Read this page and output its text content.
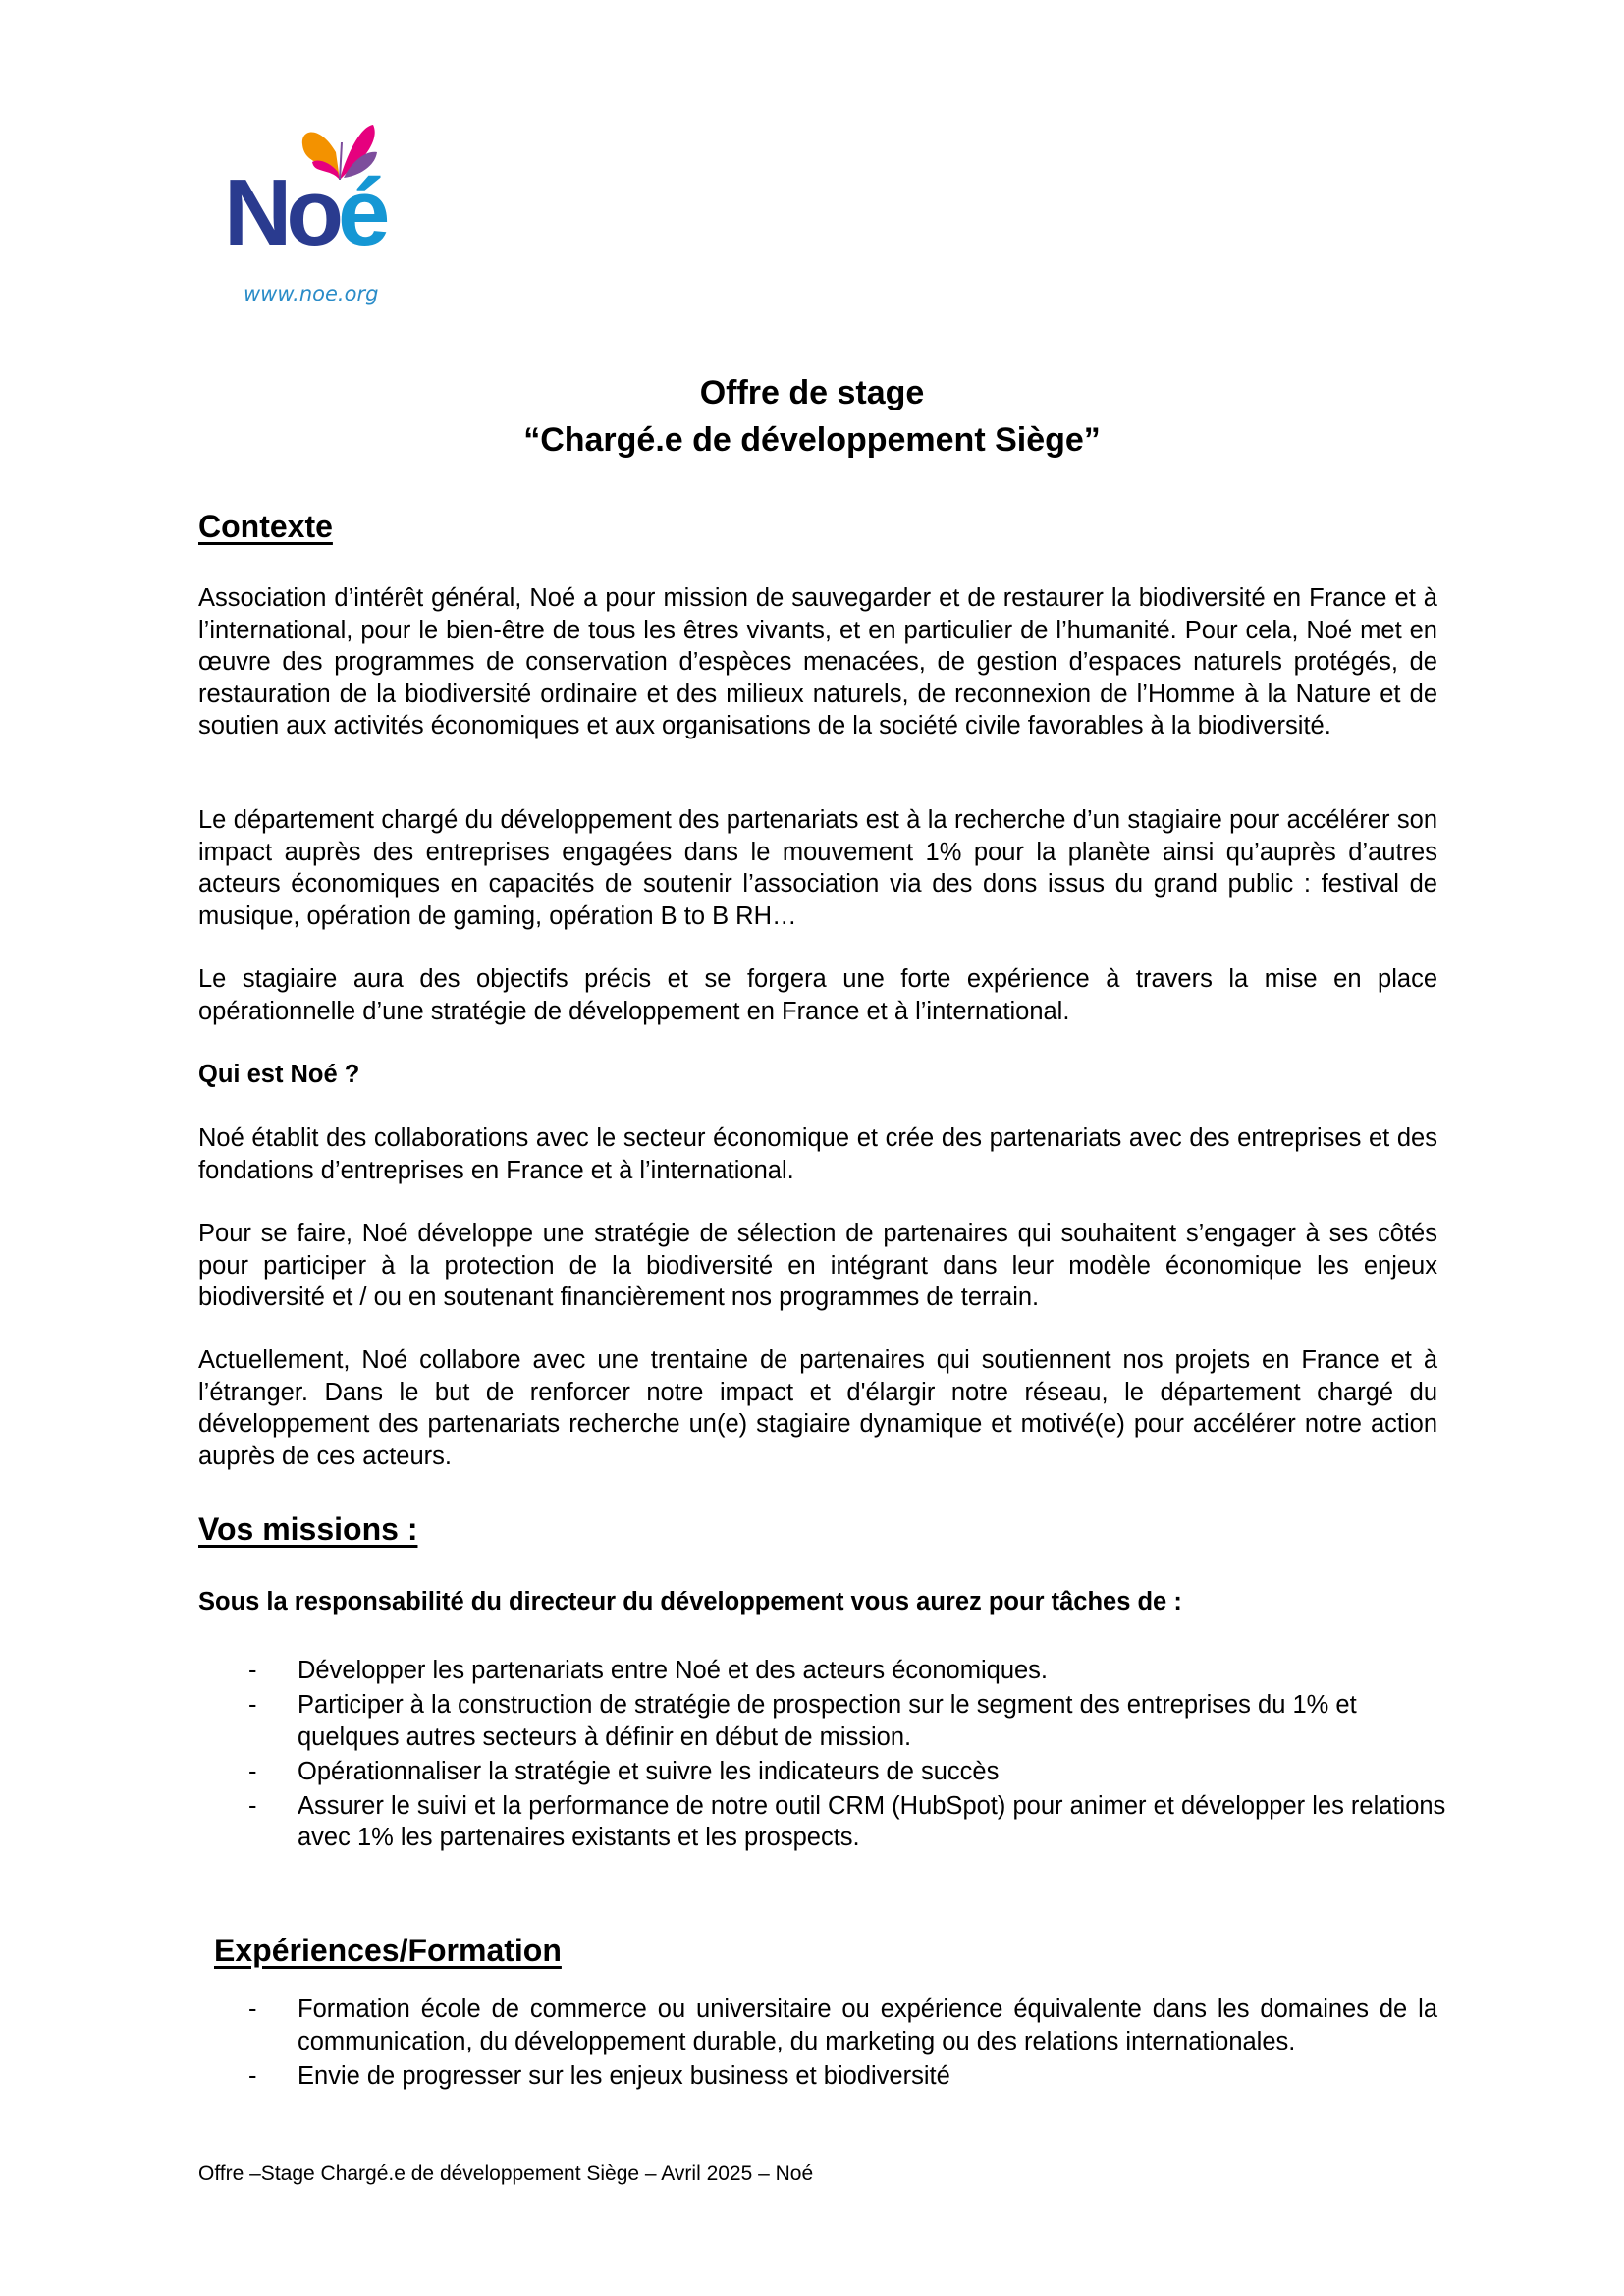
Noé
www.noe.org
Offre de stage
“Chargé.e de développement Siège”
Contexte
Association d’intérêt général, Noé a pour mission de sauvegarder et de restaurer la biodiversité en France et à l’international, pour le bien-être de tous les êtres vivants, et en particulier de l’humanité. Pour cela, Noé met en œuvre des programmes de conservation d’espèces menacées, de gestion d’espaces naturels protégés, de restauration de la biodiversité ordinaire et des milieux naturels, de reconnexion de l’Homme à la Nature et de soutien aux activités économiques et aux organisations de la société civile favorables à la biodiversité.
Le département chargé du développement des partenariats est à la recherche d’un stagiaire pour accélérer son impact auprès des entreprises engagées dans le mouvement 1% pour la planète ainsi qu’auprès d’autres acteurs économiques en capacités de soutenir l’association via des dons issus du grand public : festival de musique, opération de gaming, opération B to B RH…
Le stagiaire aura des objectifs précis et se forgera une forte expérience à travers la mise en place opérationnelle d’une stratégie de développement en France et à l’international.
Qui est Noé ?
Noé établit des collaborations avec le secteur économique et crée des partenariats avec des entreprises et des fondations d’entreprises en France et à l’international.
Pour se faire, Noé développe une stratégie de sélection de partenaires qui souhaitent s’engager à ses côtés pour participer à la protection de la biodiversité en intégrant dans leur modèle économique les enjeux biodiversité et / ou en soutenant financièrement nos programmes de terrain.
Actuellement, Noé collabore avec une trentaine de partenaires qui soutiennent nos projets en France et à l’étranger. Dans le but de renforcer notre impact et d'élargir notre réseau, le département chargé du développement des partenariats recherche un(e) stagiaire dynamique et motivé(e) pour accélérer notre action auprès de ces acteurs.
Vos missions :
Sous la responsabilité du directeur du développement vous aurez pour tâches de :
- Développer les partenariats entre Noé et des acteurs économiques.
- Participer à la construction de stratégie de prospection sur le segment des entreprises du 1% et quelques autres secteurs à définir en début de mission.
- Opérationnaliser la stratégie et suivre les indicateurs de succès
- Assurer le suivi et la performance de notre outil CRM (HubSpot) pour animer et développer les relations avec 1% les partenaires existants et les prospects.
Expériences/Formation
- Formation école de commerce ou universitaire ou expérience équivalente dans les domaines de la communication, du développement durable, du marketing ou des relations internationales.
- Envie de progresser sur les enjeux business et biodiversité
Offre –Stage Chargé.e de développement Siège – Avril 2025 – Noé
